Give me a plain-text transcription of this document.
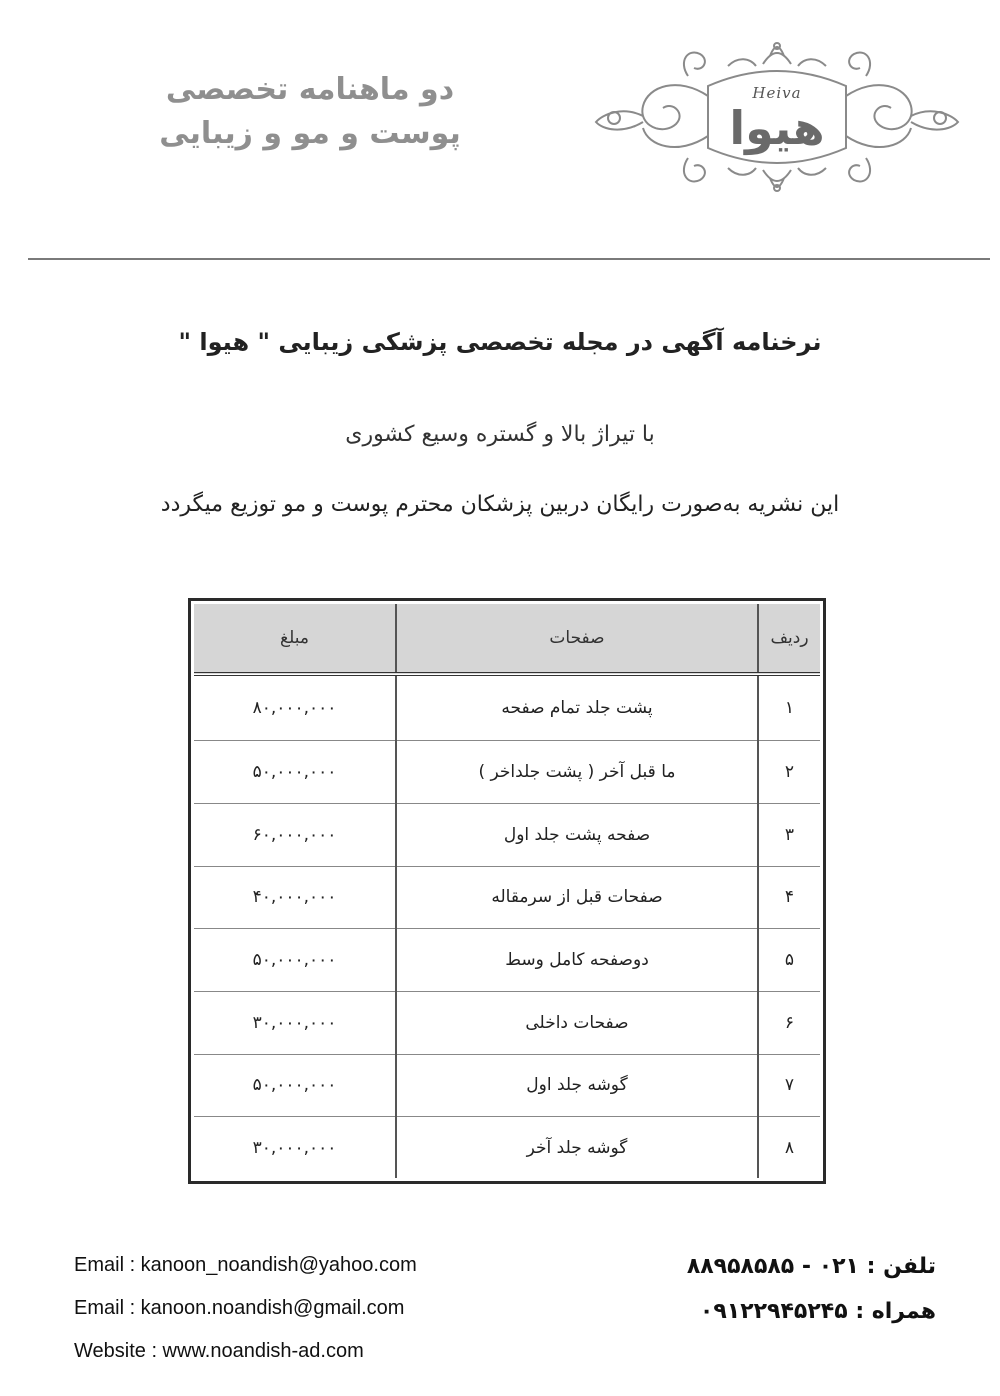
دو ماهنامه تخصصی
پوست و مو و زیبایی
Heiva
هیوا
نرخنامه آگهی در مجله تخصصی پزشکی زیبایی " هیوا "
با تیراژ بالا و گستره وسیع کشوری
این نشریه به‌صورت رایگان دربین پزشکان محترم پوست و مو توزیع میگردد
ردیف	صفحات	مبلغ
۱	پشت جلد تمام صفحه	۸۰,۰۰۰,۰۰۰
۲	ما قبل آخر ( پشت جلداخر )	۵۰,۰۰۰,۰۰۰
۳	صفحه پشت جلد اول	۶۰,۰۰۰,۰۰۰
۴	صفحات قبل از سرمقاله	۴۰,۰۰۰,۰۰۰
۵	دوصفحه کامل وسط	۵۰,۰۰۰,۰۰۰
۶	صفحات داخلی	۳۰,۰۰۰,۰۰۰
۷	گوشه جلد اول	۵۰,۰۰۰,۰۰۰
۸	گوشه جلد آخر	۳۰,۰۰۰,۰۰۰
Email : kanoon_noandish@yahoo.com
Email : kanoon.noandish@gmail.com
Website : www.noandish-ad.com
تلفن : ۰۲۱ - ۸۸۹۵۸۵۸۵
همراه : ۰۹۱۲۲۹۴۵۲۴۵
